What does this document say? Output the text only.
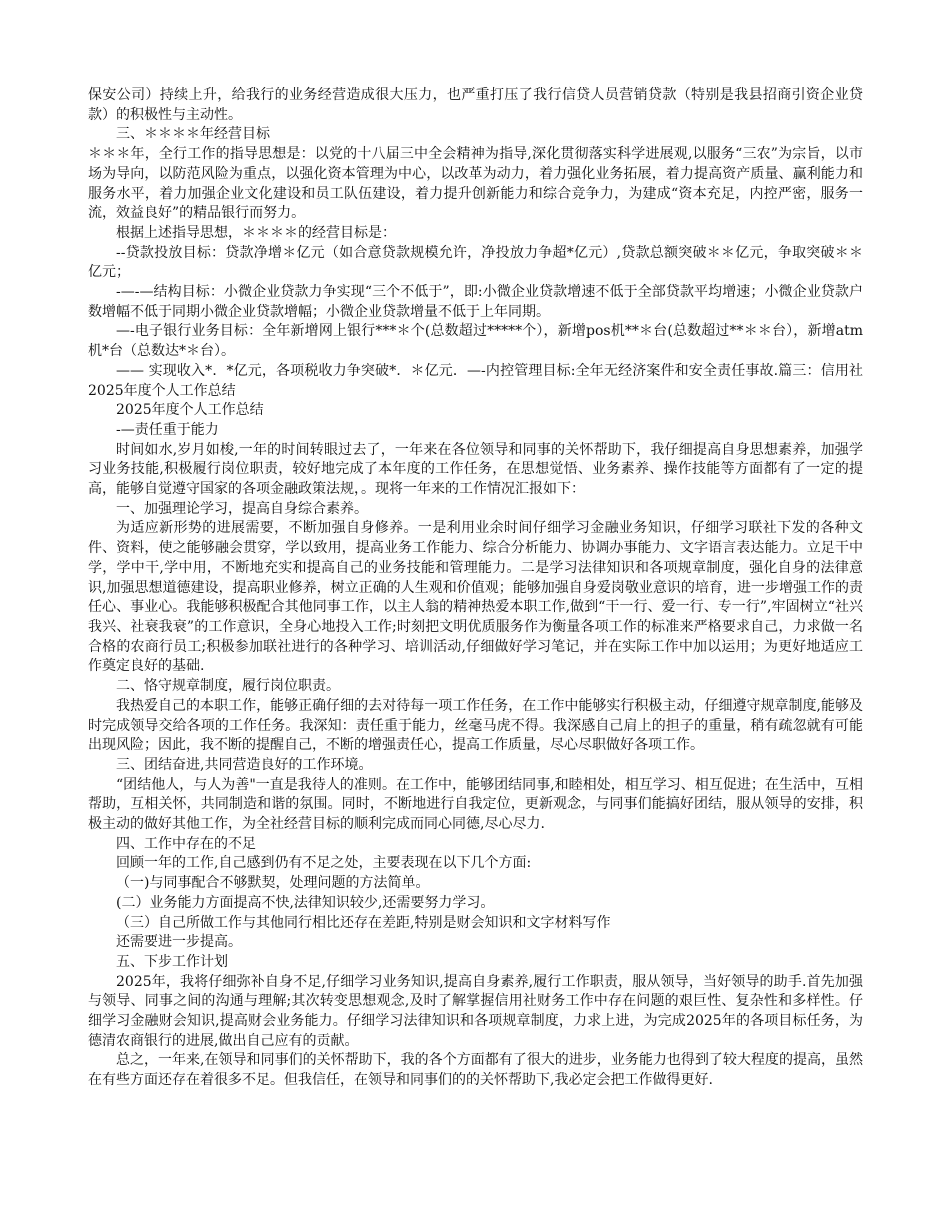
保安公司）持续上升，给我行的业务经营造成很大压力，也严重打压了我行信贷人员营销贷款（特别是我县招商引资企业贷款）的积极性与主动性。

三、＊＊＊＊年经营目标

＊＊＊年，全行工作的指导思想是：以党的十八届三中全会精神为指导,深化贯彻落实科学进展观,以服务“三农”为宗旨，以市场为导向，以防范风险为重点，以强化资本管理为中心，以改革为动力，着力强化业务拓展，着力提高资产质量、赢利能力和服务水平，着力加强企业文化建设和员工队伍建设，着力提升创新能力和综合竞争力，为建成“资本充足，内控严密，服务一流，效益良好”的精品银行而努力。

根据上述指导思想，＊＊＊＊的经营目标是：

--贷款投放目标：贷款净增＊亿元（如合意贷款规模允许，净投放力争超*亿元）,贷款总额突破＊＊亿元，争取突破＊＊亿元；

-—-—结构目标：小微企业贷款力争实现“三个不低于”，即:小微企业贷款增速不低于全部贷款平均增速；小微企业贷款户数增幅不低于同期小微企业贷款增幅；小微企业贷款增量不低于上年同期。

—-电子银行业务目标：全年新增网上银行***＊个(总数超过*****个），新增pos机**＊台(总数超过**＊＊台），新增atm机*台（总数达*＊台）。

—— 实现收入*．*亿元，各项税收力争突破*．＊亿元．—-内控管理目标:全年无经济案件和安全责任事故.篇三：信用社2025年度个人工作总结

2025年度个人工作总结

-—责任重于能力

时间如水,岁月如梭,一年的时间转眼过去了，一年来在各位领导和同事的关怀帮助下，我仔细提高自身思想素养，加强学习业务技能,积极履行岗位职责，较好地完成了本年度的工作任务，在思想觉悟、业务素养、操作技能等方面都有了一定的提高，能够自觉遵守国家的各项金融政策法规，。现将一年来的工作情况汇报如下：

一、加强理论学习，提高自身综合素养。

为适应新形势的进展需要，不断加强自身修养。一是利用业余时间仔细学习金融业务知识，仔细学习联社下发的各种文件、资料，使之能够融会贯穿，学以致用，提高业务工作能力、综合分析能力、协调办事能力、文字语言表达能力。立足干中学，学中干,学中用，不断地充实和提高自己的业务技能和管理能力。二是学习法律知识和各项规章制度，强化自身的法律意识,加强思想道德建设，提高职业修养，树立正确的人生观和价值观；能够加强自身爱岗敬业意识的培育，进一步增强工作的责任心、事业心。我能够积极配合其他同事工作，以主人翁的精神热爱本职工作,做到“干一行、爱一行、专一行”,牢固树立“社兴我兴、社衰我衰”的工作意识，全身心地投入工作;时刻把文明优质服务作为衡量各项工作的标准来严格要求自己，力求做一名合格的农商行员工;积极参加联社进行的各种学习、培训活动,仔细做好学习笔记，并在实际工作中加以运用；为更好地适应工作奠定良好的基础.

二、恪守规章制度，履行岗位职责。

我热爱自己的本职工作，能够正确仔细的去对待每一项工作任务，在工作中能够实行积极主动，仔细遵守规章制度,能够及时完成领导交给各项的工作任务。我深知：责任重于能力，丝毫马虎不得。我深感自己肩上的担子的重量，稍有疏忽就有可能出现风险；因此，我不断的提醒自己，不断的增强责任心，提高工作质量，尽心尽职做好各项工作。

三、团结奋进,共同营造良好的工作环境。

“团结他人，与人为善"一直是我待人的准则。在工作中，能够团结同事,和睦相处，相互学习、相互促进；在生活中，互相帮助，互相关怀，共同制造和谐的氛围。同时，不断地进行自我定位，更新观念，与同事们能搞好团结，服从领导的安排，积极主动的做好其他工作，为全社经营目标的顺利完成而同心同德,尽心尽力.

四、工作中存在的不足

回顾一年的工作,自己感到仍有不足之处，主要表现在以下几个方面:

（一)与同事配合不够默契，处理问题的方法简单。

(二）业务能力方面提高不快,法律知识较少,还需要努力学习。

（三）自己所做工作与其他同行相比还存在差距,特别是财会知识和文字材料写作

还需要进一步提高。

五、下步工作计划

2025年，我将仔细弥补自身不足,仔细学习业务知识,提高自身素养,履行工作职责，服从领导，当好领导的助手.首先加强与领导、同事之间的沟通与理解;其次转变思想观念,及时了解掌握信用社财务工作中存在问题的艰巨性、复杂性和多样性。仔细学习金融财会知识,提高财会业务能力。仔细学习法律知识和各项规章制度，力求上进，为完成2025年的各项目标任务，为德清农商银行的进展,做出自己应有的贡献。

总之，一年来,在领导和同事们的关怀帮助下，我的各个方面都有了很大的进步，业务能力也得到了较大程度的提高，虽然在有些方面还存在着很多不足。但我信任，在领导和同事们的的关怀帮助下,我必定会把工作做得更好.
